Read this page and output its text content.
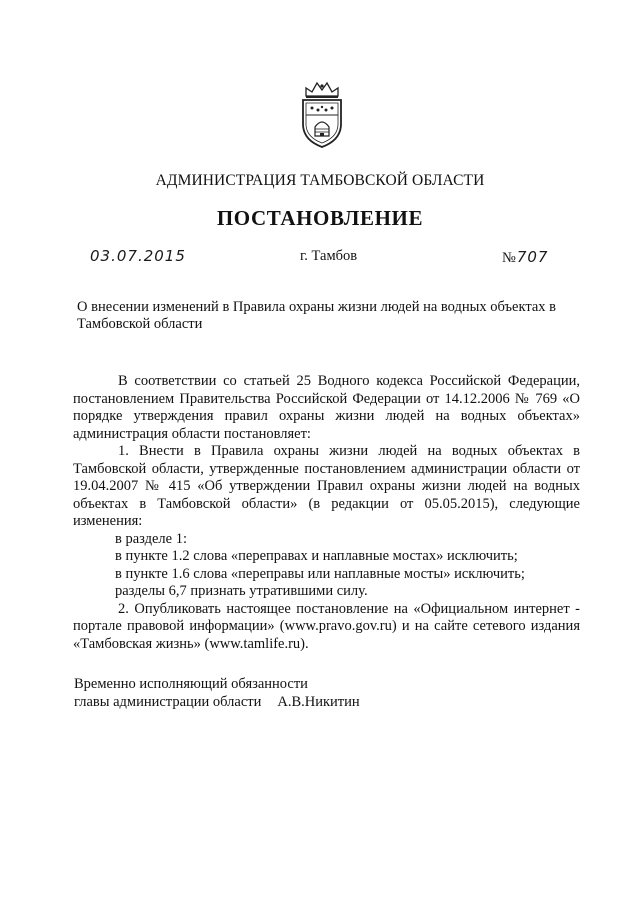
АДМИНИСТРАЦИЯ ТАМБОВСКОЙ ОБЛАСТИ
ПОСТАНОВЛЕНИЕ
03.07.2015	г. Тамбов	№707
О внесении изменений в Правила охраны жизни людей на водных объектах в Тамбовской области

В соответствии со статьей 25 Водного кодекса Российской Федерации, постановлением Правительства Российской Федерации от 14.12.2006 № 769 «О порядке утверждения правил охраны жизни людей на водных объектах» администрация области постановляет:

1. Внести в Правила охраны жизни людей на водных объектах в Тамбовской области, утвержденные постановлением администрации области от 19.04.2007 № 415 «Об утверждении Правил охраны жизни людей на водных объектах в Тамбовской области» (в редакции от 05.05.2015), следующие изменения:

в разделе 1:

в пункте 1.2 слова «переправах и наплавные мостах» исключить;

в пункте 1.6 слова «переправы или наплавные мосты» исключить;

разделы 6,7 признать утратившими силу.

2. Опубликовать настоящее постановление на «Официальном интернет - портале правовой информации» (www.pravo.gov.ru) и на сайте сетевого издания «Тамбовская жизнь» (www.tamlife.ru).

Временно исполняющий обязанности

главы администрации области А.В.Никитин
